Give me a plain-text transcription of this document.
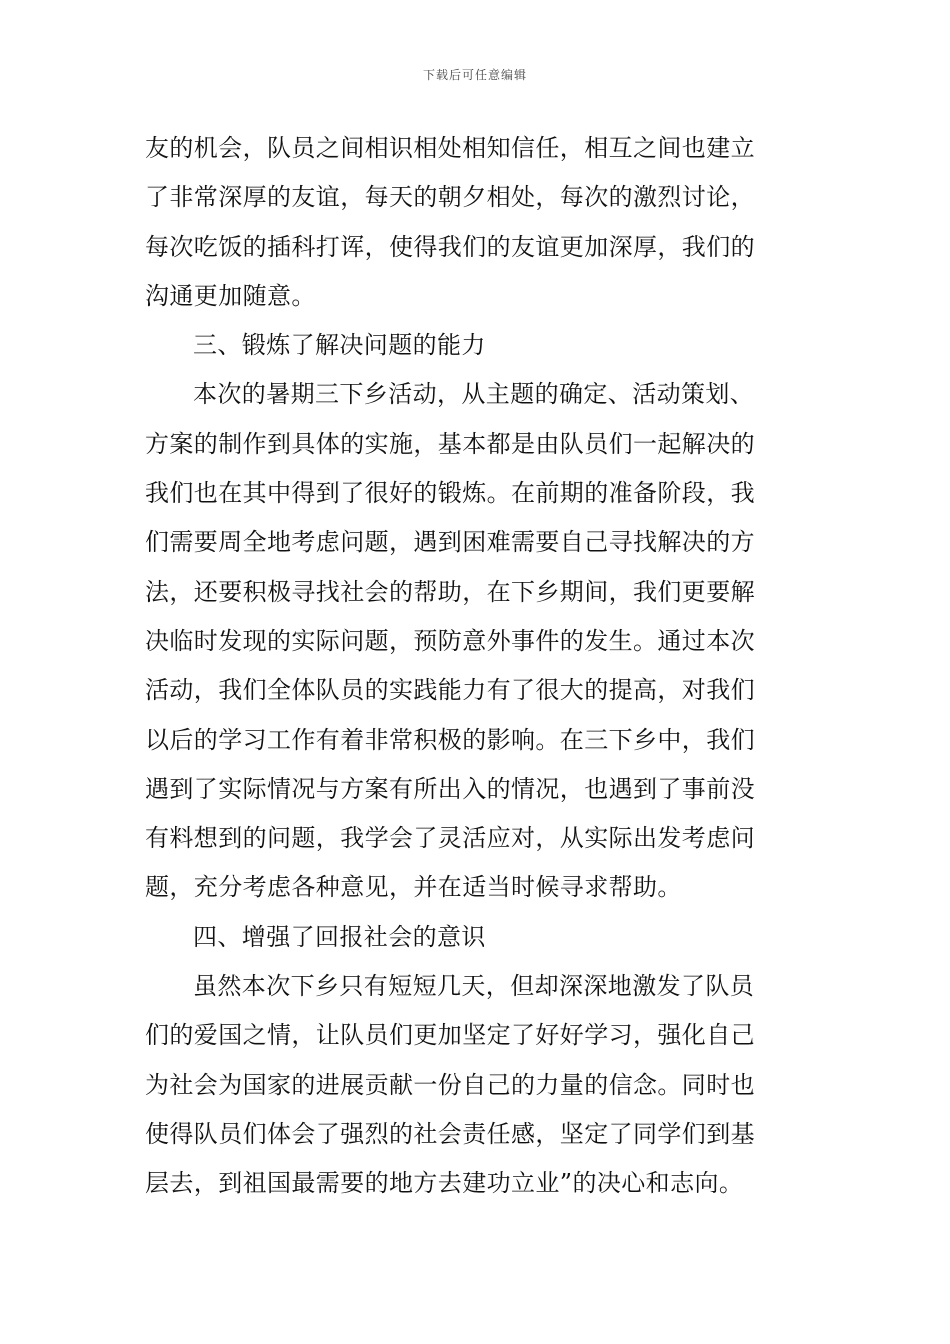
下载后可任意编辑
友的机会，队员之间相识相处相知信任，相互之间也建立
了非常深厚的友谊，每天的朝夕相处，每次的激烈讨论，
每次吃饭的插科打诨，使得我们的友谊更加深厚，我们的
沟通更加随意。
三、锻炼了解决问题的能力
本次的暑期三下乡活动，从主题的确定、活动策划、
方案的制作到具体的实施，基本都是由队员们一起解决的
我们也在其中得到了很好的锻炼。在前期的准备阶段，我
们需要周全地考虑问题，遇到困难需要自己寻找解决的方
法，还要积极寻找社会的帮助，在下乡期间，我们更要解
决临时发现的实际问题，预防意外事件的发生。通过本次
活动，我们全体队员的实践能力有了很大的提高，对我们
以后的学习工作有着非常积极的影响。在三下乡中，我们
遇到了实际情况与方案有所出入的情况，也遇到了事前没
有料想到的问题，我学会了灵活应对，从实际出发考虑问
题，充分考虑各种意见，并在适当时候寻求帮助。
四、增强了回报社会的意识
虽然本次下乡只有短短几天，但却深深地激发了队员
们的爱国之情，让队员们更加坚定了好好学习，强化自己
为社会为国家的进展贡献一份自己的力量的信念。同时也
使得队员们体会了强烈的社会责任感，坚定了同学们到基
层去，到祖国最需要的地方去建功立业”的决心和志向。
